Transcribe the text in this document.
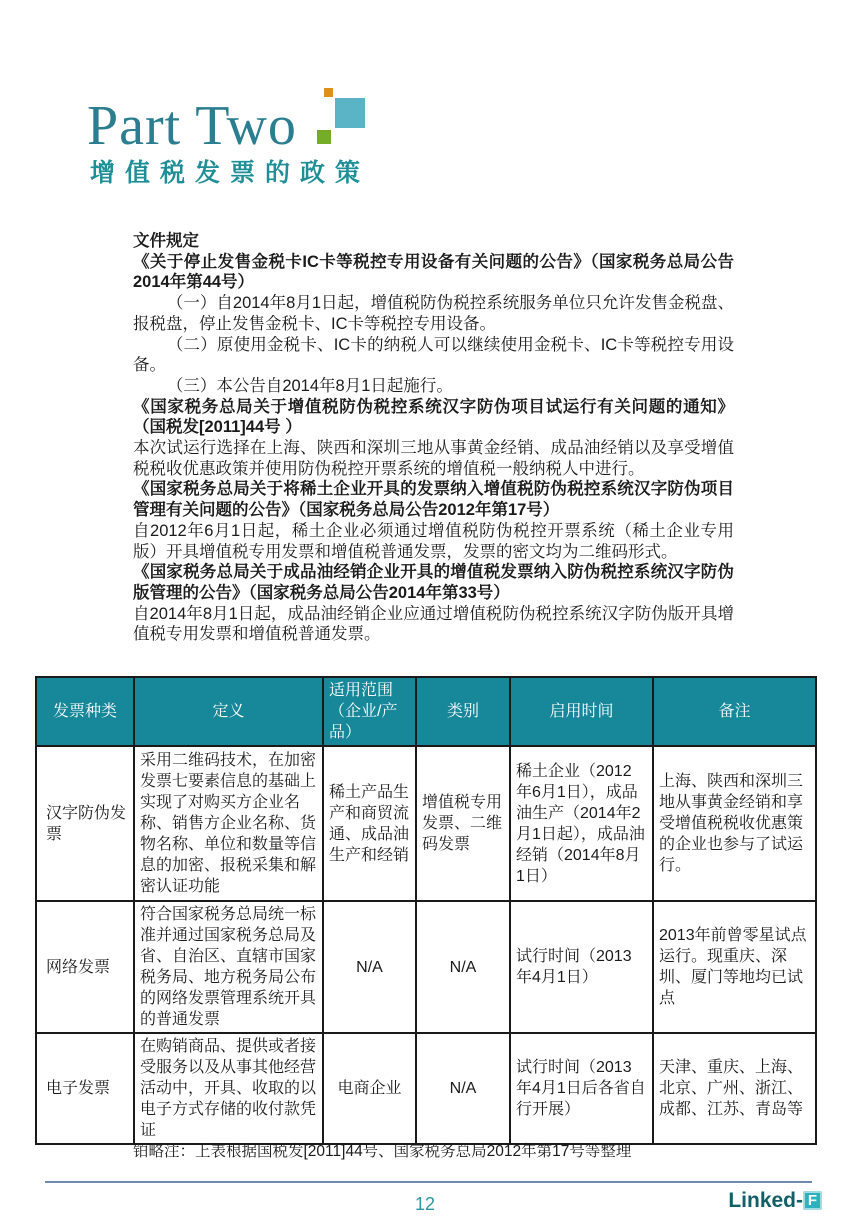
Part Two
增值税发票的政策

文件规定

《关于停止发售金税卡IC卡等税控专用设备有关问题的公告》（国家税务总局公告2014年第44号）

（一）自2014年8月1日起，增值税防伪税控系统服务单位只允许发售金税盘、报税盘，停止发售金税卡、IC卡等税控专用设备。

（二）原使用金税卡、IC卡的纳税人可以继续使用金税卡、IC卡等税控专用设备。

（三）本公告自2014年8月1日起施行。

《国家税务总局关于增值税防伪税控系统汉字防伪项目试运行有关问题的通知》（国税发[2011]44号 ）

本次试运行选择在上海、陕西和深圳三地从事黄金经销、成品油经销以及享受增值税税收优惠政策并使用防伪税控开票系统的增值税一般纳税人中进行。

《国家税务总局关于将稀土企业开具的发票纳入增值税防伪税控系统汉字防伪项目管理有关问题的公告》（国家税务总局公告2012年第17号）

自2012年6月1日起，稀土企业必须通过增值税防伪税控开票系统（稀土企业专用版）开具增值税专用发票和增值税普通发票，发票的密文均为二维码形式。

《国家税务总局关于成品油经销企业开具的增值税发票纳入防伪税控系统汉字防伪版管理的公告》（国家税务总局公告2014年第33号）

自2014年8月1日起，成品油经销企业应通过增值税防伪税控系统汉字防伪版开具增值税专用发票和增值税普通发票。

发票种类	定义	适用范围（企业/产品）	类别	启用时间	备注
汉字防伪发票	采用二维码技术，在加密发票七要素信息的基础上实现了对购买方企业名称、销售方企业名称、货物名称、单位和数量等信息的加密、报税采集和解密认证功能	稀土产品生产和商贸流通、成品油生产和经销	增值税专用发票、二维码发票	稀土企业（2012年6月1日），成品油生产（2014年2月1日起），成品油经销（2014年8月1日）	上海、陕西和深圳三地从事黄金经销和享受增值税税收优惠策的企业也参与了试运行。
网络发票	符合国家税务总局统一标准并通过国家税务总局及省、自治区、直辖市国家税务局、地方税务局公布的网络发票管理系统开具的普通发票	N/A	N/A	试行时间（2013年4月1日）	2013年前曾零星试点运行。现重庆、深圳、厦门等地均已试点
电子发票	在购销商品、提供或者接受服务以及从事其他经营活动中，开具、收取的以电子方式存储的收付款凭证	电商企业	N/A	试行时间（2013年4月1日后各省自行开展）	天津、重庆、上海、北京、广州、浙江、成都、江苏、青岛等
铂略注：上表根据国税发[2011]44号、国家税务总局2012年第17号等整理
12	Linked- F
